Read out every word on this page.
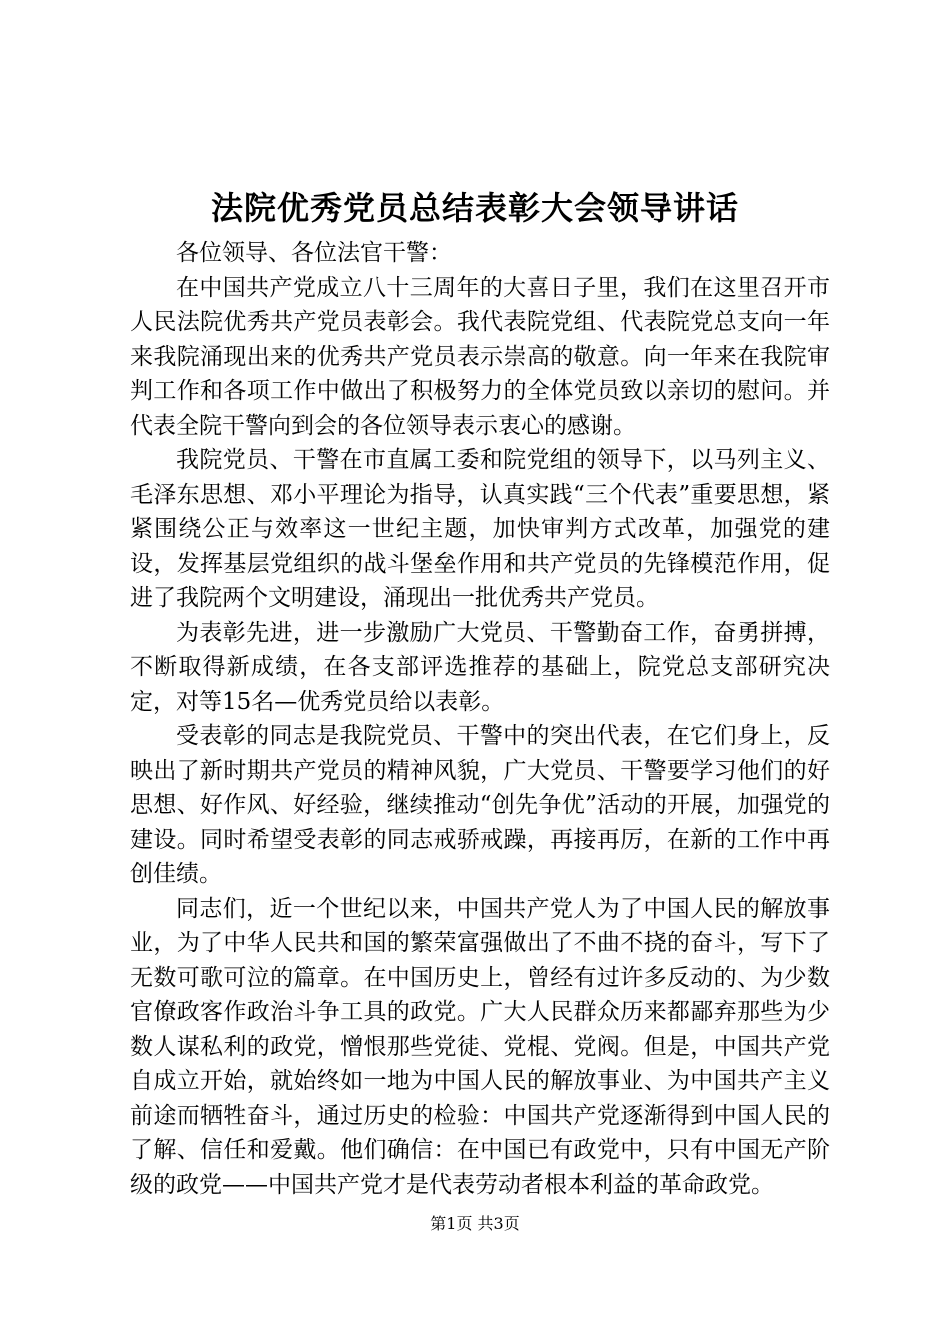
法院优秀党员总结表彰大会领导讲话

各位领导、各位法官干警：

在中国共产党成立八十三周年的大喜日子里，我们在这里召开市人民法院优秀共产党员表彰会。我代表院党组、代表院党总支向一年来我院涌现出来的优秀共产党员表示崇高的敬意。向一年来在我院审判工作和各项工作中做出了积极努力的全体党员致以亲切的慰问。并代表全院干警向到会的各位领导表示衷心的感谢。

我院党员、干警在市直属工委和院党组的领导下，以马列主义、毛泽东思想、邓小平理论为指导，认真实践“三个代表”重要思想，紧紧围绕公正与效率这一世纪主题，加快审判方式改革，加强党的建设，发挥基层党组织的战斗堡垒作用和共产党员的先锋模范作用，促进了我院两个文明建设，涌现出一批优秀共产党员。

为表彰先进，进一步激励广大党员、干警勤奋工作，奋勇拼搏，不断取得新成绩，在各支部评选推荐的基础上，院党总支部研究决定，对等15名—优秀党员给以表彰。

受表彰的同志是我院党员、干警中的突出代表，在它们身上，反映出了新时期共产党员的精神风貌，广大党员、干警要学习他们的好思想、好作风、好经验，继续推动“创先争优”活动的开展，加强党的建设。同时希望受表彰的同志戒骄戒躁，再接再厉，在新的工作中再创佳绩。

同志们，近一个世纪以来，中国共产党人为了中国人民的解放事业，为了中华人民共和国的繁荣富强做出了不曲不挠的奋斗，写下了无数可歌可泣的篇章。在中国历史上，曾经有过许多反动的、为少数官僚政客作政治斗争工具的政党。广大人民群众历来都鄙弃那些为少数人谋私利的政党，憎恨那些党徒、党棍、党阀。但是，中国共产党自成立开始，就始终如一地为中国人民的解放事业、为中国共产主义前途而牺牲奋斗，通过历史的检验：中国共产党逐渐得到中国人民的了解、信任和爱戴。他们确信：在中国已有政党中，只有中国无产阶级的政党——中国共产党才是代表劳动者根本利益的革命政党。

第1页 共3页
